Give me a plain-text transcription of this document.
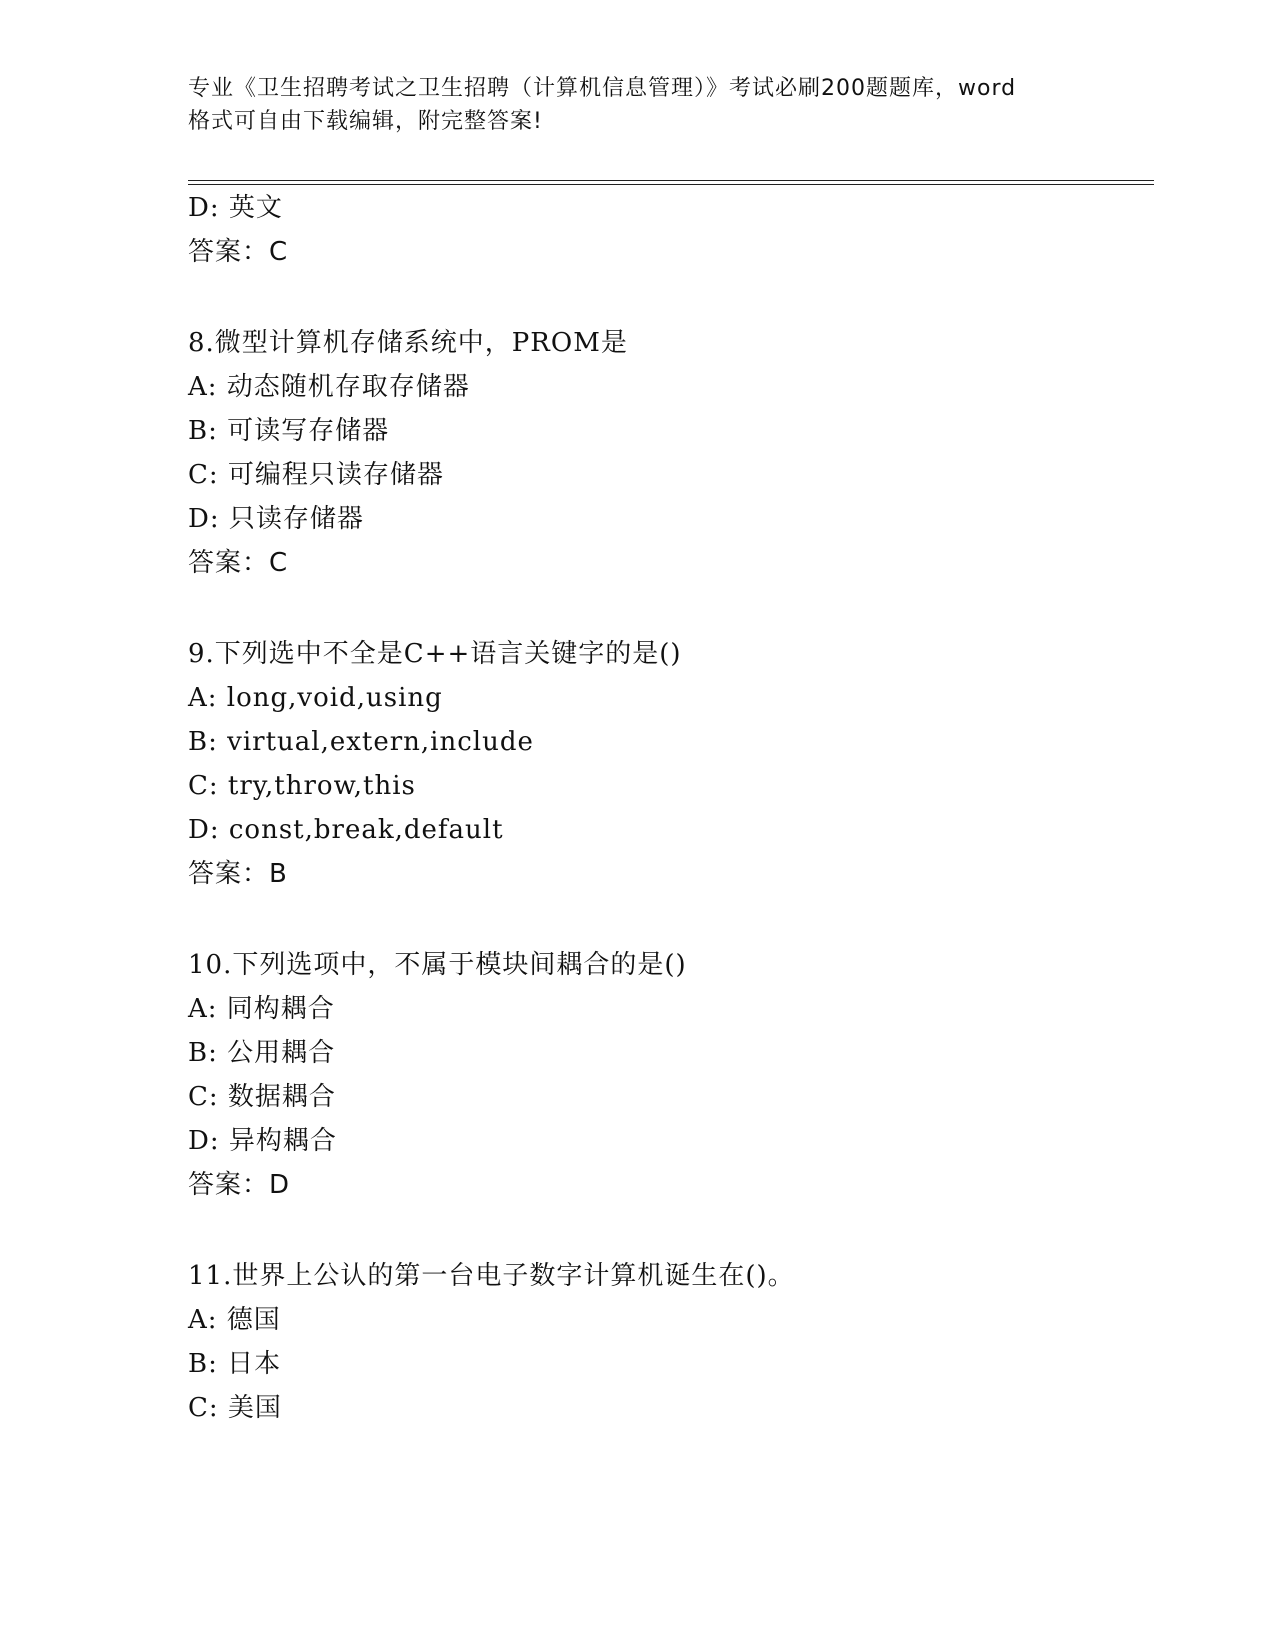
专业《卫生招聘考试之卫生招聘（计算机信息管理）》考试必刷200题题库，word
格式可自由下载编辑，附完整答案!
D: 英文
答案：C
8.微型计算机存储系统中，PROM是
A: 动态随机存取存储器
B: 可读写存储器
C: 可编程只读存储器
D: 只读存储器
答案：C
9.下列选中不全是C++语言关键字的是()
A: long,void,using
B: virtual,extern,include
C: try,throw,this
D: const,break,default
答案：B
10.下列选项中，不属于模块间耦合的是()
A: 同构耦合
B: 公用耦合
C: 数据耦合
D: 异构耦合
答案：D
11.世界上公认的第一台电子数字计算机诞生在()。
A: 德国
B: 日本
C: 美国
